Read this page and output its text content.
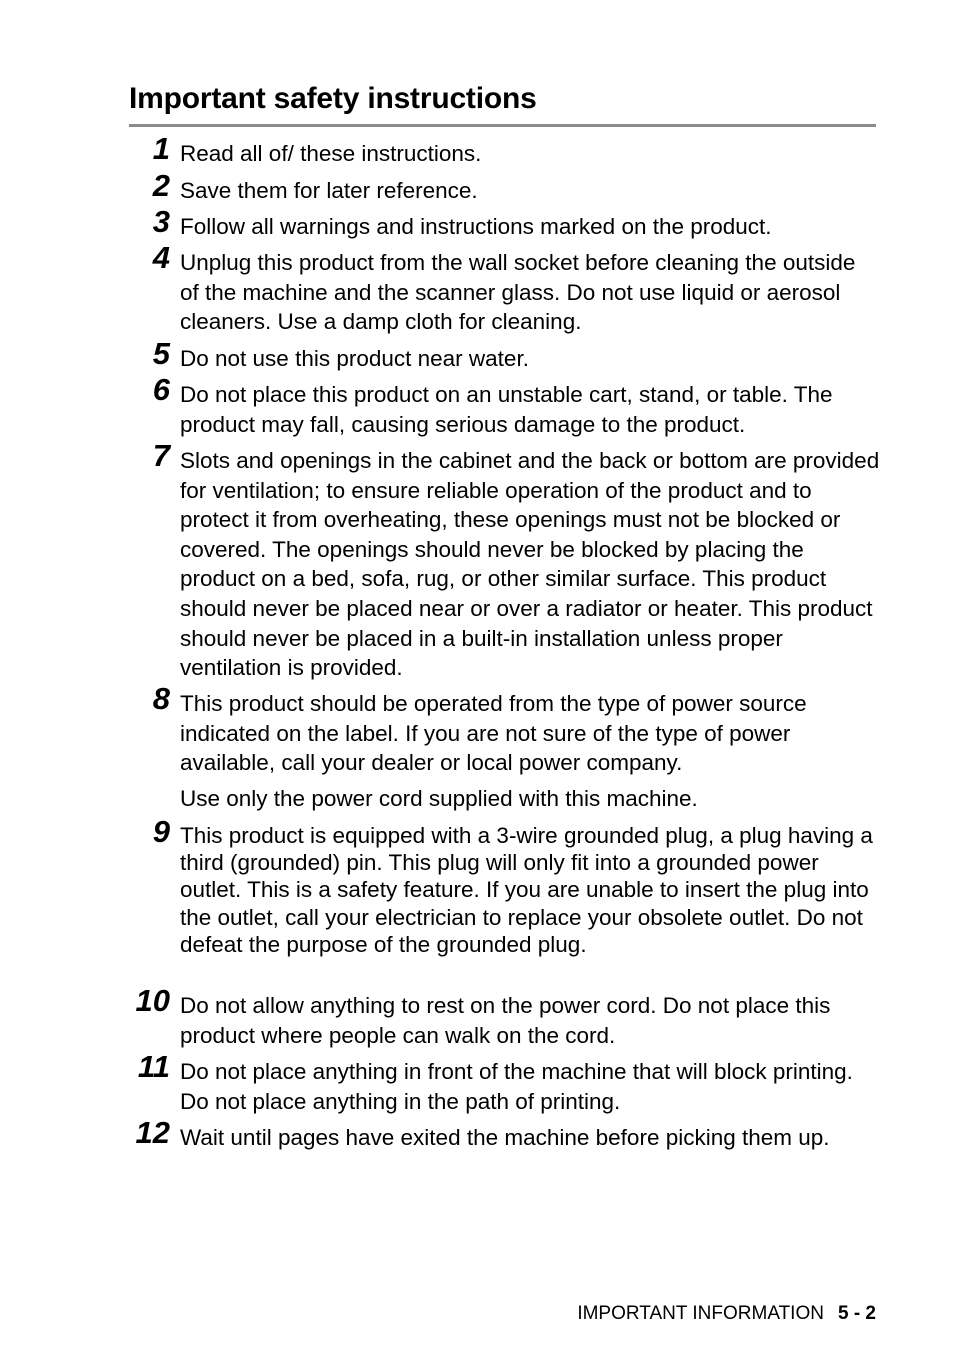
Important safety instructions
1 Read all of/ these instructions.

2 Save them for later reference.

3 Follow all warnings and instructions marked on the product.

4 Unplug this product from the wall socket before cleaning the outside of the machine and the scanner glass. Do not use liquid or aerosol cleaners. Use a damp cloth for cleaning.

5 Do not use this product near water.

6 Do not place this product on an unstable cart, stand, or table. The product may fall, causing serious damage to the product.

7 Slots and openings in the cabinet and the back or bottom are provided for ventilation; to ensure reliable operation of the product and to protect it from overheating, these openings must not be blocked or covered. The openings should never be blocked by placing the product on a bed, sofa, rug, or other similar surface. This product should never be placed near or over a radiator or heater. This product should never be placed in a built-in installation unless proper ventilation is provided.

8 This product should be operated from the type of power source indicated on the label. If you are not sure of the type of power available, call your dealer or local power company.

Use only the power cord supplied with this machine.

9 This product is equipped with a 3-wire grounded plug, a plug having a third (grounded) pin. This plug will only fit into a grounded power outlet. This is a safety feature. If you are unable to insert the plug into the outlet, call your electrician to replace your obsolete outlet. Do not defeat the purpose of the grounded plug.

10 Do not allow anything to rest on the power cord. Do not place this product where people can walk on the cord.

11 Do not place anything in front of the machine that will block printing. Do not place anything in the path of printing.

12 Wait until pages have exited the machine before picking them up.

IMPORTANT INFORMATION 5 - 2
